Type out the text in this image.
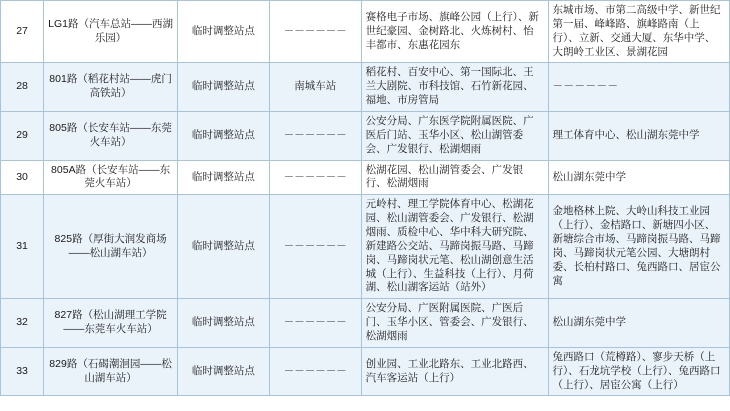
27	LG1路（汽车总站——西湖乐园）	临时调整站点	－－－－－－	赛格电子市场、旗峰公园（上行）、新世纪豪园、金树路北、火炼树村、怡丰都市、东惠花园东	东城市场、市第二高级中学、新世纪第一届、峰峰路、旗峰路南（上行）、立新、交通大厦、东华中学、大朗岭工业区、景湖花园
28	801路（稻花村站——虎门高铁站）	临时调整站点	南城车站	稻花村、百安中心、第一国际北、王兰大剧院、市科技馆、石竹新花园、福地、市房管局	－－－－－－
29	805路（长安车站——东莞火车站）	临时调整站点	－－－－－－	公安分局、广东医学院附属医院、广医后门站、玉华小区、松山湖管委会、广发银行、松湖烟雨	理工体育中心、松山湖东莞中学
30	805A路（长安车站——东莞火车站）	临时调整站点	－－－－－－	松湖花园、松山湖管委会、广发银行、松湖烟雨	松山湖东莞中学
31	825路（厚街大润发商场——松山湖车站）	临时调整站点	－－－－－－	元岭村、理工学院体育中心、松湖花园、松山湖管委会、广发银行、松湖烟雨、质检中心、华中科大研究院、新建路公交站、马蹄岗振马路、马蹄岗、马蹄岗状元笔、松山湖创意生活城（上行）、生益科技（上行）、月荷湖、松山湖客运站（站外）	金地格林上院、大岭山科技工业园（上行）、金桔路口、新塘四小区、新塘综合市场、马蹄岗振马路、马蹄岗、马蹄岗状元笔公园、大塘朗村委、长柏村路口、兔西路口、居宦公寓
32	827路（松山湖理工学院——东莞车火车站）	临时调整站点	－－－－－－	公安分局、广医附属医院、广医后门、玉华小区、管委会、广发银行、松湖烟雨	松山湖东莞中学
33	829路（石碣潮洄园——松山湖车站）	临时调整站点	－－－－－－	创业园、工业北路东、工业北路西、汽车客运站（上行）	兔西路口（荒樽路）、寥步天桥（上行）、石龙坑学校（上行）、兔西路口（上行）、居宦公寓（上行）
